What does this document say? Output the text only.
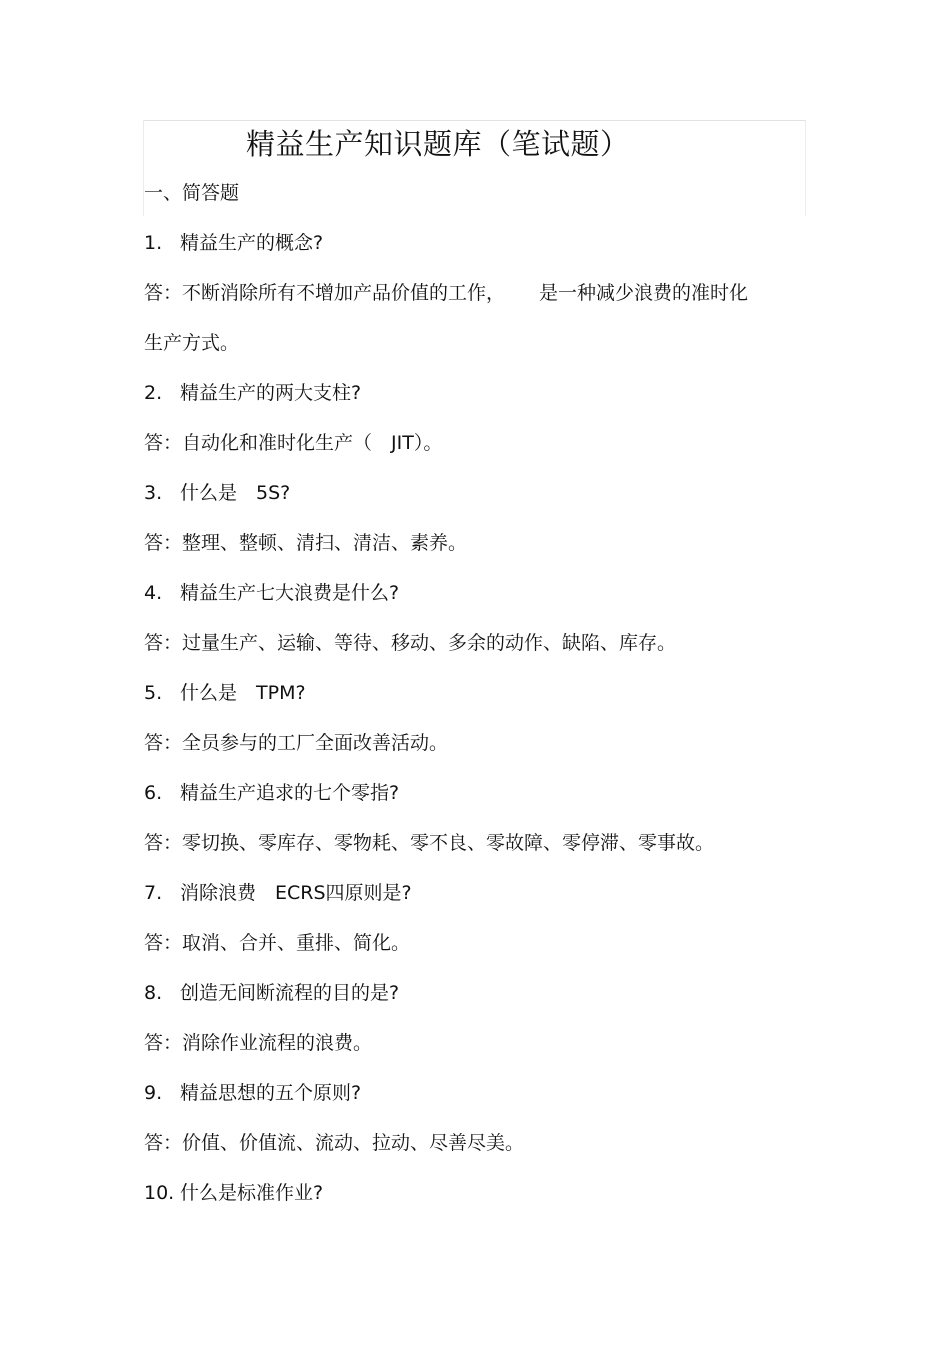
精益生产知识题库（笔试题）
一、简答题
1. 精益生产的概念?
答：不断消除所有不增加产品价值的工作， 是一种减少浪费的准时化
生产方式。
2. 精益生产的两大支柱?
答：自动化和准时化生产（　JIT）。
3. 什么是　5S?
答：整理、整顿、清扫、清洁、素养。
4. 精益生产七大浪费是什么?
答：过量生产、运输、等待、移动、多余的动作、缺陷、库存。
5. 什么是　TPM?
答：全员参与的工厂全面改善活动。
6. 精益生产追求的七个零指?
答：零切换、零库存、零物耗、零不良、零故障、零停滞、零事故。
7. 消除浪费　ECRS四原则是?
答：取消、合并、重排、简化。
8. 创造无间断流程的目的是?
答：消除作业流程的浪费。
9. 精益思想的五个原则?
答：价值、价值流、流动、拉动、尽善尽美。
10. 什么是标准作业?
